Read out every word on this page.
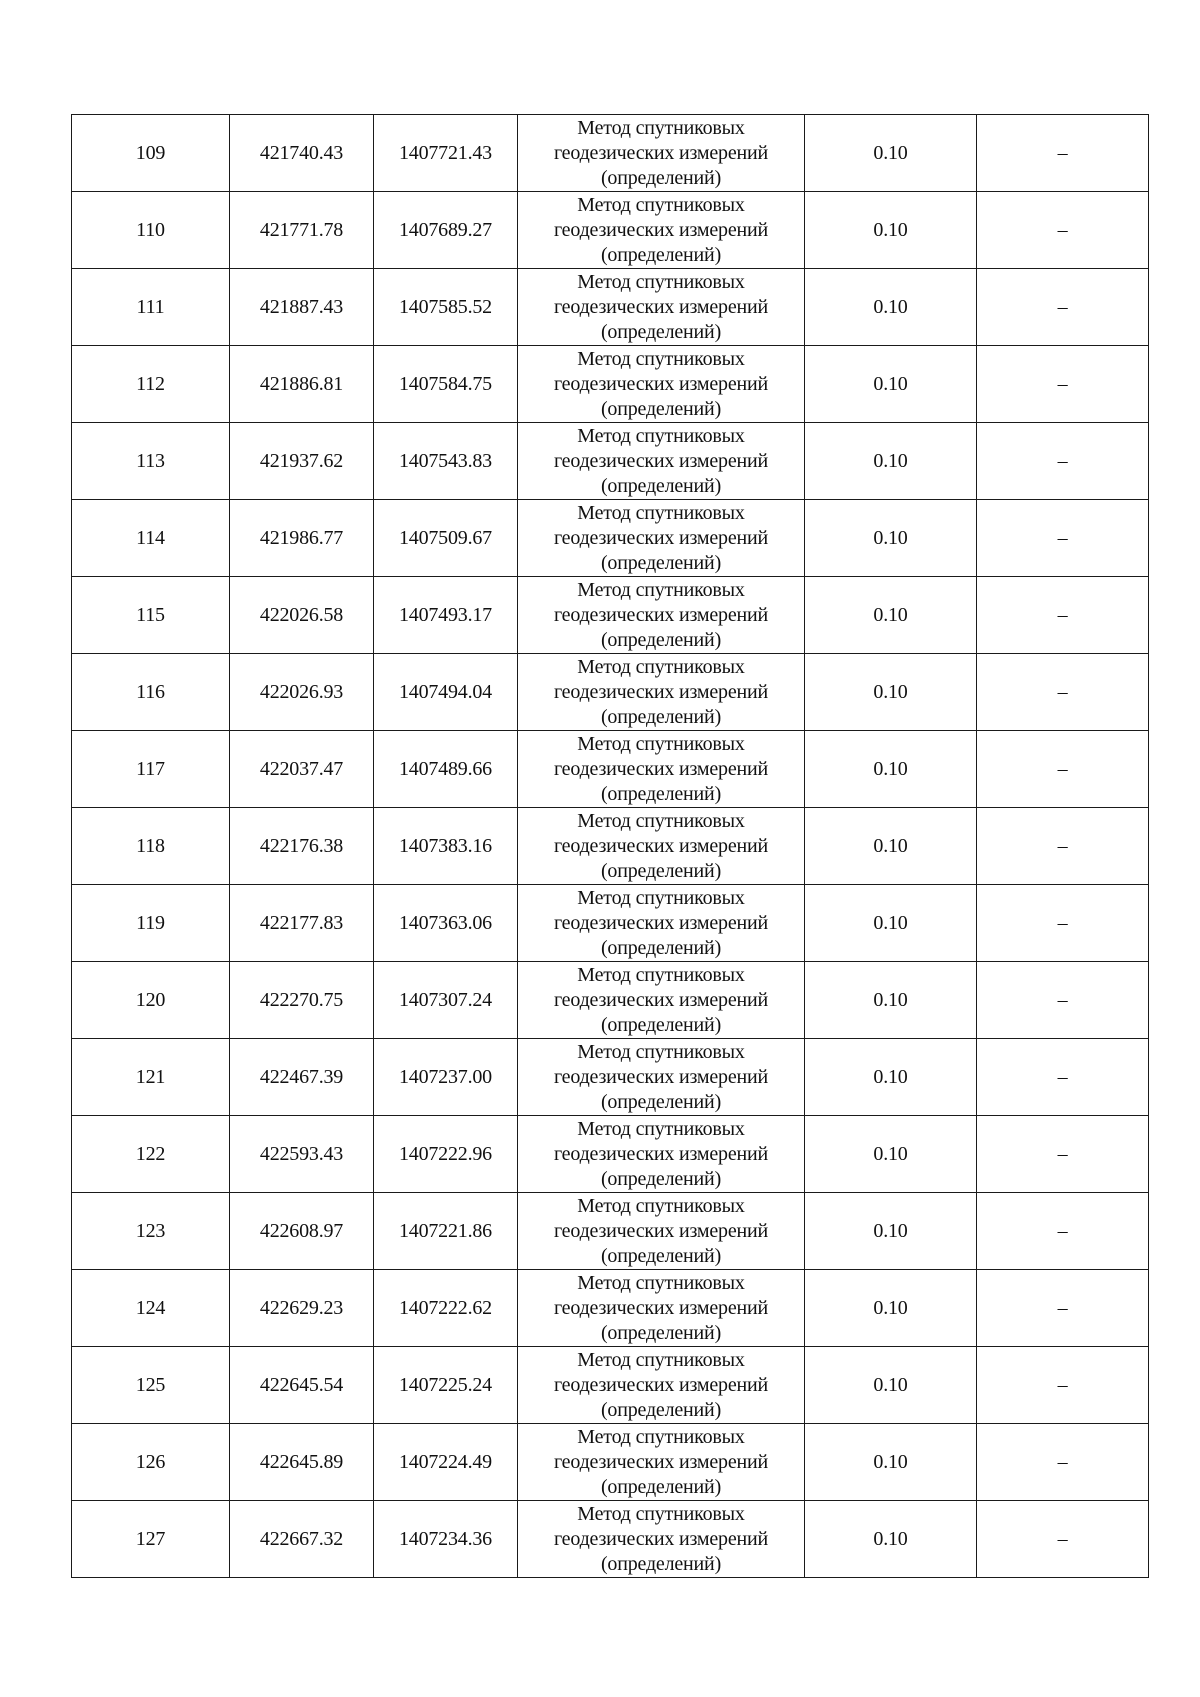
109	421740.43	1407721.43	Метод спутниковых
геодезических измерений
(определений)	0.10	–
110	421771.78	1407689.27	Метод спутниковых
геодезических измерений
(определений)	0.10	–
111	421887.43	1407585.52	Метод спутниковых
геодезических измерений
(определений)	0.10	–
112	421886.81	1407584.75	Метод спутниковых
геодезических измерений
(определений)	0.10	–
113	421937.62	1407543.83	Метод спутниковых
геодезических измерений
(определений)	0.10	–
114	421986.77	1407509.67	Метод спутниковых
геодезических измерений
(определений)	0.10	–
115	422026.58	1407493.17	Метод спутниковых
геодезических измерений
(определений)	0.10	–
116	422026.93	1407494.04	Метод спутниковых
геодезических измерений
(определений)	0.10	–
117	422037.47	1407489.66	Метод спутниковых
геодезических измерений
(определений)	0.10	–
118	422176.38	1407383.16	Метод спутниковых
геодезических измерений
(определений)	0.10	–
119	422177.83	1407363.06	Метод спутниковых
геодезических измерений
(определений)	0.10	–
120	422270.75	1407307.24	Метод спутниковых
геодезических измерений
(определений)	0.10	–
121	422467.39	1407237.00	Метод спутниковых
геодезических измерений
(определений)	0.10	–
122	422593.43	1407222.96	Метод спутниковых
геодезических измерений
(определений)	0.10	–
123	422608.97	1407221.86	Метод спутниковых
геодезических измерений
(определений)	0.10	–
124	422629.23	1407222.62	Метод спутниковых
геодезических измерений
(определений)	0.10	–
125	422645.54	1407225.24	Метод спутниковых
геодезических измерений
(определений)	0.10	–
126	422645.89	1407224.49	Метод спутниковых
геодезических измерений
(определений)	0.10	–
127	422667.32	1407234.36	Метод спутниковых
геодезических измерений
(определений)	0.10	–
